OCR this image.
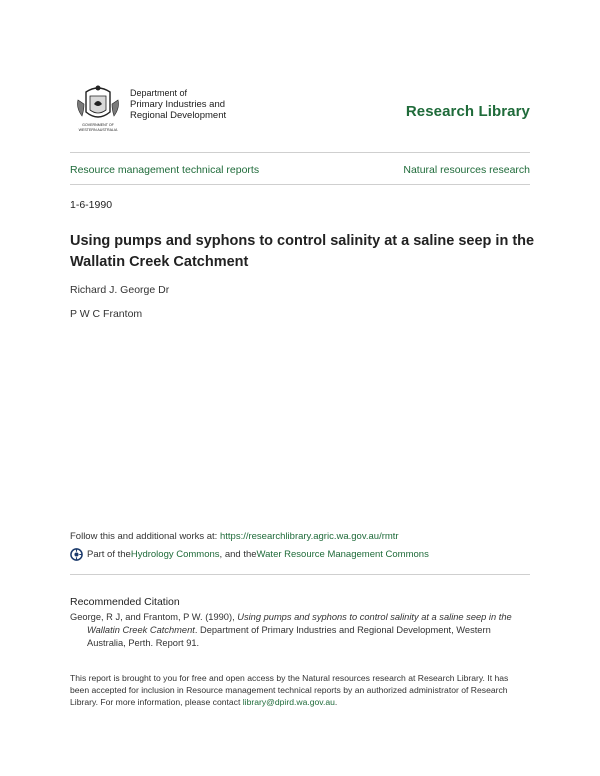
GOVERNMENT OF
WESTERN AUSTRALIA
Department of
Primary Industries and
Regional Development	Research Library
Resource management technical reports	Natural resources research
1-6-1990
Using pumps and syphons to control salinity at a saline seep in the Wallatin Creek Catchment
Richard J. George Dr
P W C Frantom
Follow this and additional works at: https://researchlibrary.agric.wa.gov.au/rmtr
Part of the Hydrology Commons , and the Water Resource Management Commons
Recommended Citation
George, R J, and Frantom, P W. (1990), Using pumps and syphons to control salinity at a saline seep in the
Wallatin Creek Catchment. Department of Primary Industries and Regional Development, Western
Australia, Perth. Report 91.
This report is brought to you for free and open access by the Natural resources research at Research Library. It has
been accepted for inclusion in Resource management technical reports by an authorized administrator of Research
Library. For more information, please contact library@dpird.wa.gov.au.
